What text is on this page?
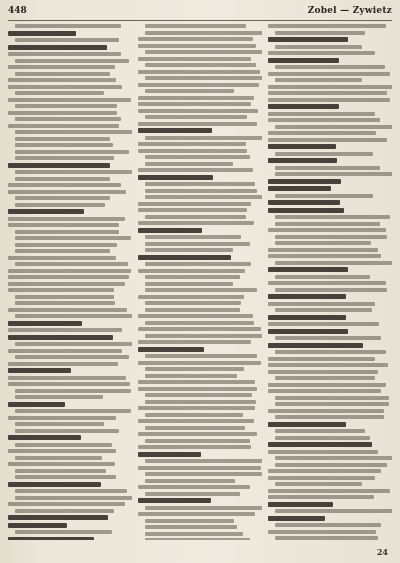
448	Zobel — Zywietz
24
